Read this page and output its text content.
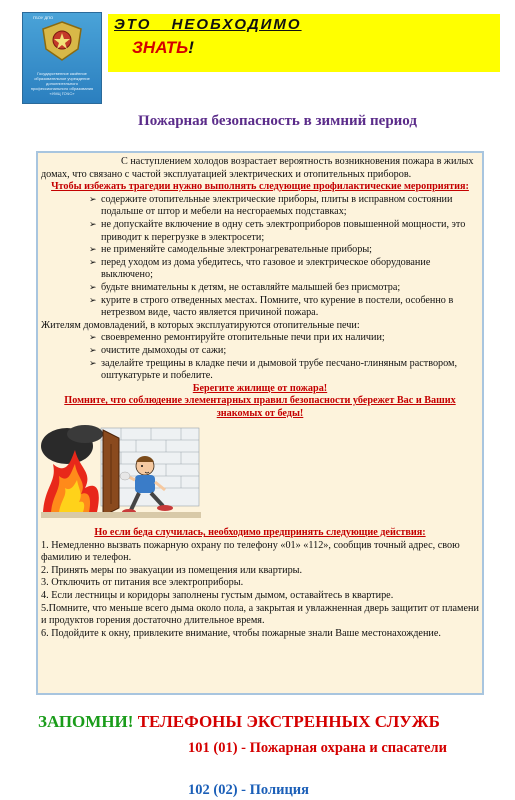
ГБОУ ДПО
Государственное казённое образовательное учреждение дополнительного профессионального образования «УМЦ ГОЧС»
ЭТО НЕОБХОДИМО
ЗНАТЬ!
Пожарная безопасность в зимний период

С наступлением холодов возрастает вероятность возникновения пожара в жилых домах, что связано с частой эксплуатацией электрических и отопительных приборов.

Чтобы избежать трагедии нужно выполнять следующие профилактические мероприятия:

➢ содержите отопительные электрические приборы, плиты в исправном состоянии подальше от штор и мебели на несгораемых подставках;
➢ не допускайте включение в одну сеть электроприборов повышенной мощности, это приводит к перегрузке в электросети;
➢ не применяйте самодельные электронагревательные приборы;
➢ перед уходом из дома убедитесь, что газовое и электрическое оборудование выключено;
➢ будьте внимательны к детям, не оставляйте малышей без присмотра;
➢ курите в строго отведенных местах. Помните, что курение в постели, особенно в нетрезвом виде, часто является причиной пожара.

Жителям домовладений, в которых эксплуатируются отопительные печи:

➢ своевременно ремонтируйте отопительные печи при их наличии;
➢ очистите дымоходы от сажи;
➢ заделайте трещины в кладке печи и дымовой трубе песчано-глиняным раствором, оштукатурьте и побелите.

Берегите жилище от пожара!

Помните, что соблюдение элементарных правил безопасности убережет Вас и Ваших знакомых от беды!

Но если беда случилась, необходимо предпринять следующие действия:

1. Немедленно вызвать пожарную охрану по телефону «01» «112», сообщив точный адрес, свою фамилию и телефон.

2. Принять меры по эвакуации из помещения или квартиры.

3. Отключить от питания все электроприборы.

4. Если лестницы и коридоры заполнены густым дымом, оставайтесь в квартире.

5.Помните, что меньше всего дыма около пола, а закрытая и увлажненная дверь защитит от пламени и продуктов горения достаточно длительное время.

6. Подойдите к окну, привлеките внимание, чтобы пожарные знали Ваше местонахождение.

ЗАПОМНИ! ТЕЛЕФОНЫ ЭКСТРЕННЫХ СЛУЖБ
101 (01) - Пожарная охрана и спасатели
102 (02) - Полиция
